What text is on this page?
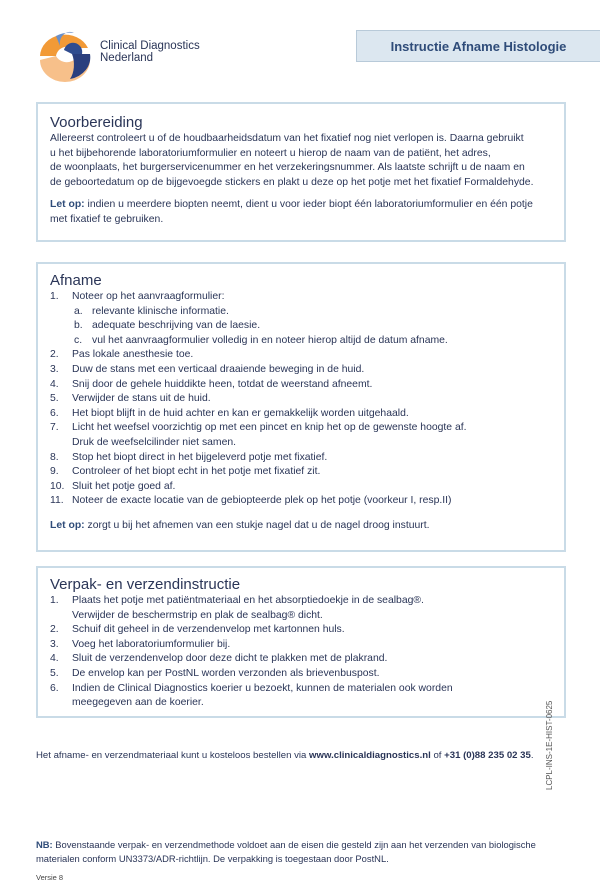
Clinical Diagnostics
Nederland
Instructie Afname Histologie
Voorbereiding

Allereerst controleert u of de houdbaarheidsdatum van het fixatief nog niet verlopen is. Daarna gebruikt

u het bijbehorende laboratoriumformulier en noteert u hierop de naam van de patiënt, het adres,

de woonplaats, het burgerservicenummer en het verzekeringsnummer. Als laatste schrijft u de naam en

de geboortedatum op de bijgevoegde stickers en plakt u deze op het potje met het fixatief Formaldehyde.

Let op: indien u meerdere biopten neemt, dient u voor ieder biopt één laboratoriumformulier en één potje

met fixatief te gebruiken.

Afname
1. Noteer op het aanvraagformulier:
a. relevante klinische informatie.
b. adequate beschrijving van de laesie.
c. vul het aanvraagformulier volledig in en noteer hierop altijd de datum afname.
2. Pas lokale anesthesie toe.
3. Duw de stans met een verticaal draaiende beweging in de huid.
4. Snij door de gehele huiddikte heen, totdat de weerstand afneemt.
5. Verwijder de stans uit de huid.
6. Het biopt blijft in de huid achter en kan er gemakkelijk worden uitgehaald.
7. Licht het weefsel voorzichtig op met een pincet en knip het op de gewenste hoogte af.
Druk de weefselcilinder niet samen.
8. Stop het biopt direct in het bijgeleverd potje met fixatief.
9. Controleer of het biopt echt in het potje met fixatief zit.
10. Sluit het potje goed af.
11. Noteer de exacte locatie van de gebiopteerde plek op het potje (voorkeur I, resp.II)

Let op: zorgt u bij het afnemen van een stukje nagel dat u de nagel droog instuurt.

Verpak- en verzendinstructie
1. Plaats het potje met patiëntmateriaal en het absorptiedoekje in de sealbag®.
Verwijder de beschermstrip en plak de sealbag® dicht.
2. Schuif dit geheel in de verzendenvelop met kartonnen huls.
3. Voeg het laboratoriumformulier bij.
4. Sluit de verzendenvelop door deze dicht te plakken met de plakrand.
5. De envelop kan per PostNL worden verzonden als brievenbuspost.
6. Indien de Clinical Diagnostics koerier u bezoekt, kunnen de materialen ook worden
meegegeven aan de koerier.
Het afname- en verzendmateriaal kunt u kosteloos bestellen via www.clinicaldiagnostics.nl of +31 (0)88 235 02 35. LCPL-INS-1E-HIST-0625
NB: Bovenstaande verpak- en verzendmethode voldoet aan de eisen die gesteld zijn aan het verzenden van biologische
materialen conform UN3373/ADR-richtlijn. De verpakking is toegestaan door PostNL.
Versie 8
